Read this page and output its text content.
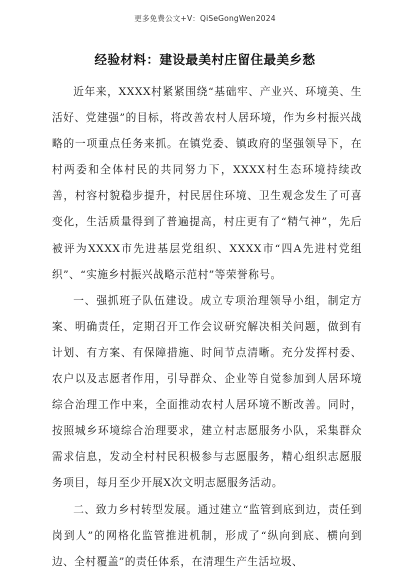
更多免费公文+V：QiSeGongWen2024
经验材料：建设最美村庄留住最美乡愁

近年来，XXXX村紧紧围绕“基础牢、产业兴、环境美、生活好、党建强”的目标，将改善农村人居环境，作为乡村振兴战略的一项重点任务来抓。在镇党委、镇政府的坚强领导下，在村两委和全体村民的共同努力下，XXXX村生态环境持续改善，村容村貌稳步提升，村民居住环境、卫生观念发生了可喜变化，生活质量得到了普遍提高，村庄更有了“精气神”，先后被评为XXXX市先进基层党组织、XXXX市“四A先进村党组织”、“实施乡村振兴战略示范村”等荣誉称号。

一、强抓班子队伍建设。成立专项治理领导小组，制定方案、明确责任，定期召开工作会议研究解决相关问题，做到有计划、有方案、有保障措施、时间节点清晰。充分发挥村委、农户以及志愿者作用，引导群众、企业等自觉参加到人居环境综合治理工作中来，全面推动农村人居环境不断改善。同时，按照城乡环境综合治理要求，建立村志愿服务小队，采集群众需求信息，发动全村村民积极参与志愿服务，精心组织志愿服务项目，每月至少开展X次文明志愿服务活动。

二、致力乡村转型发展。通过建立“监管到底到边，责任到岗到人”的网格化监管推进机制，形成了“纵向到底、横向到边、全村覆盖”的责任体系，在清理生产生活垃圾、
